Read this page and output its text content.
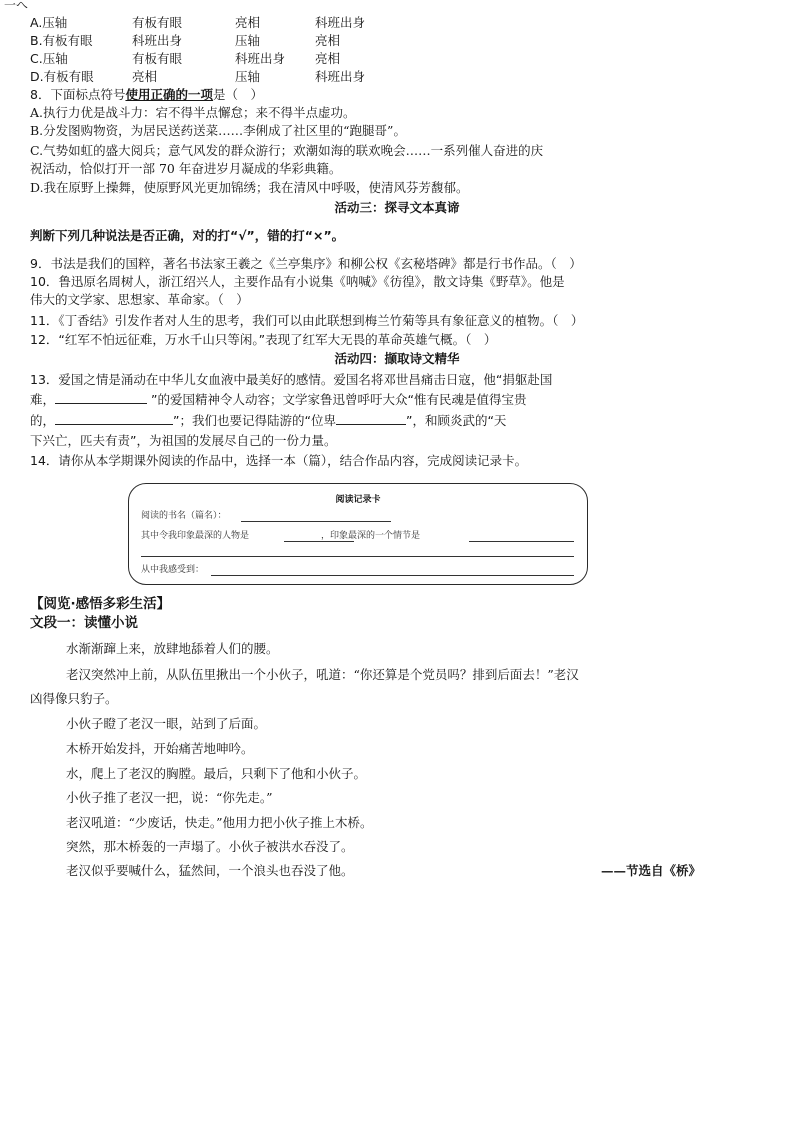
一へ
A.压轴	有板有眼	亮相	科班出身
B.有板有眼	科班出身	压轴	亮相
C.压轴	有板有眼	科班出身 亮相
D.有板有眼	亮相	压轴	科班出身
8．下面标点符号使用正确的一项是（　）
A.执行力优是战斗力：宕不得半点懈怠；来不得半点虚功。
B.分发图购物资，为居民送药送菜……李俐成了社区里的“跑腿哥”。
C.气势如虹的盛大阅兵；意气风发的群众游行；欢潮如海的联欢晚会……一系列催人奋进的庆
祝活动，恰似打开一部 70 年奋进岁月凝成的华彩典籍。
D.我在原野上操舞，使原野风光更加锦绣；我在清风中呼吸，使清风芬芳馥郁。
活动三：探寻文本真谛
判断下列几种说法是否正确，对的打“√”，错的打“×”。
9．书法是我们的国粹，著名书法家王羲之《兰亭集序》和柳公权《玄秘塔碑》都是行书作品。（　）
10．鲁迅原名周树人，浙江绍兴人，主要作品有小说集《呐喊》《彷徨》，散文诗集《野草》。他是
伟大的文学家、思想家、革命家。（　）
11．《丁香结》引发作者对人生的思考，我们可以由此联想到梅兰竹菊等具有象征意义的植物。（　）
12．“红军不怕远征难，万水千山只等闲。”表现了红军大无畏的革命英雄气概。（　）
活动四：撷取诗文精华
13．爱国之情是涌动在中华儿女血液中最美好的感情。爱国名将邓世昌痛击日寇，他“捐躯赴国
难，	”的爱国精神令人动容；文学家鲁迅曾呼吁大众“惟有民魂是值得宝贵
的，	”；我们也要记得陆游的“位卑	”，和顾炎武的“天
下兴亡，匹夫有责”，为祖国的发展尽自己的一份力量。
14．请你从本学期课外阅读的作品中，选择一本（篇），结合作品内容，完成阅读记录卡。
阅读记录卡
阅读的书名（篇名）：
其中令我印象最深的人物是	，印象最深的一个情节是
从中我感受到：
【阅览·感悟多彩生活】
文段一：读懂小说
水渐渐蹿上来，放肆地舔着人们的腰。
老汉突然冲上前，从队伍里揪出一个小伙子，吼道：“你还算是个党员吗？排到后面去！”老汉
凶得像只豹子。
小伙子瞪了老汉一眼，站到了后面。
木桥开始发抖，开始痛苦地呻吟。
水，爬上了老汉的胸膛。最后，只剩下了他和小伙子。
小伙子推了老汉一把，说：“你先走。”
老汉吼道：“少废话，快走。”他用力把小伙子推上木桥。
突然，那木桥轰的一声塌了。小伙子被洪水吞没了。
老汉似乎要喊什么，猛然间，一个浪头也吞没了他。	——节选自《桥》
